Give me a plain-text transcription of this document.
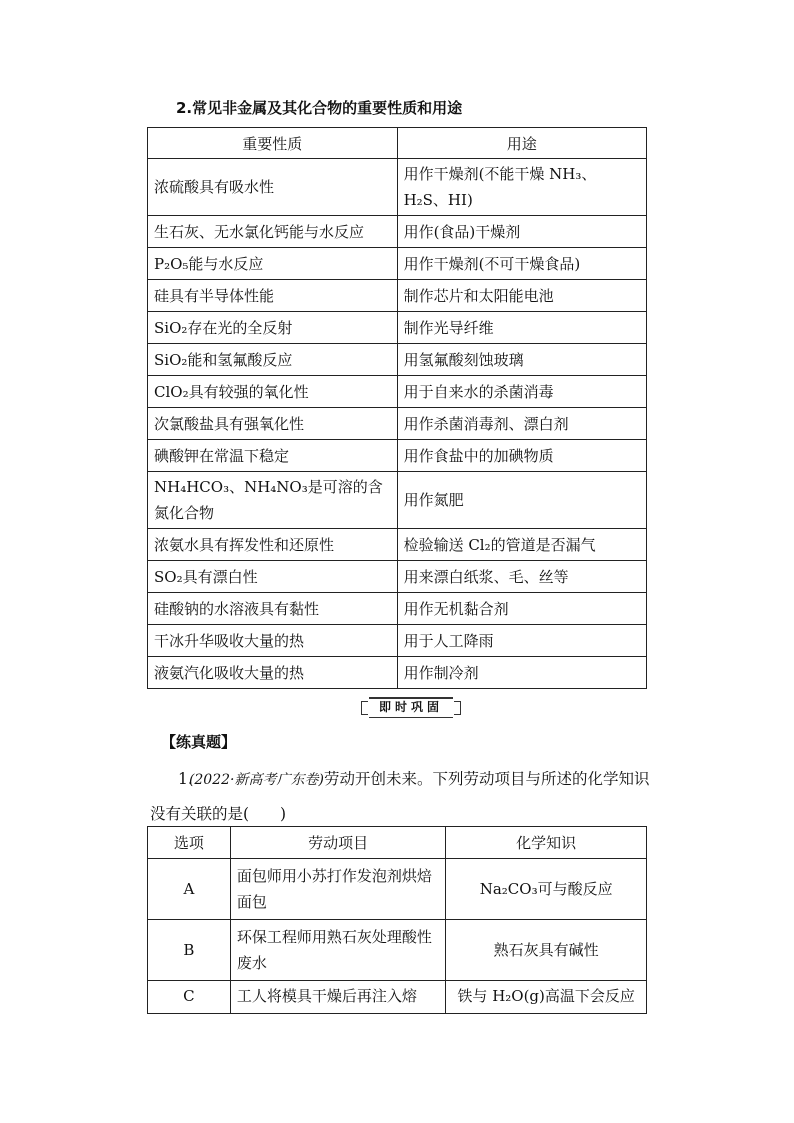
2.常见非金属及其化合物的重要性质和用途
重要性质	用途
浓硫酸具有吸水性	用作干燥剂(不能干燥 NH₃、H₂S、HI)
生石灰、无水氯化钙能与水反应	用作(食品)干燥剂
P₂O₅能与水反应	用作干燥剂(不可干燥食品)
硅具有半导体性能	制作芯片和太阳能电池
SiO₂存在光的全反射	制作光导纤维
SiO₂能和氢氟酸反应	用氢氟酸刻蚀玻璃
ClO₂具有较强的氧化性	用于自来水的杀菌消毒
次氯酸盐具有强氧化性	用作杀菌消毒剂、漂白剂
碘酸钾在常温下稳定	用作食盐中的加碘物质
NH₄HCO₃、NH₄NO₃是可溶的含氮化合物	用作氮肥
浓氨水具有挥发性和还原性	检验输送 Cl₂的管道是否漏气
SO₂具有漂白性	用来漂白纸浆、毛、丝等
硅酸钠的水溶液具有黏性	用作无机黏合剂
干冰升华吸收大量的热	用于人工降雨
液氨汽化吸收大量的热	用作制冷剂
即时巩固
【练真题】
1. (2022·新高考广东卷)劳动开创未来。下列劳动项目与所述的化学知识没有关联的是(　　)
选项	劳动项目	化学知识
A	面包师用小苏打作发泡剂烘焙面包	Na₂CO₃可与酸反应
B	环保工程师用熟石灰处理酸性废水	熟石灰具有碱性
C	工人将模具干燥后再注入熔	铁与 H₂O(g)高温下会反应
